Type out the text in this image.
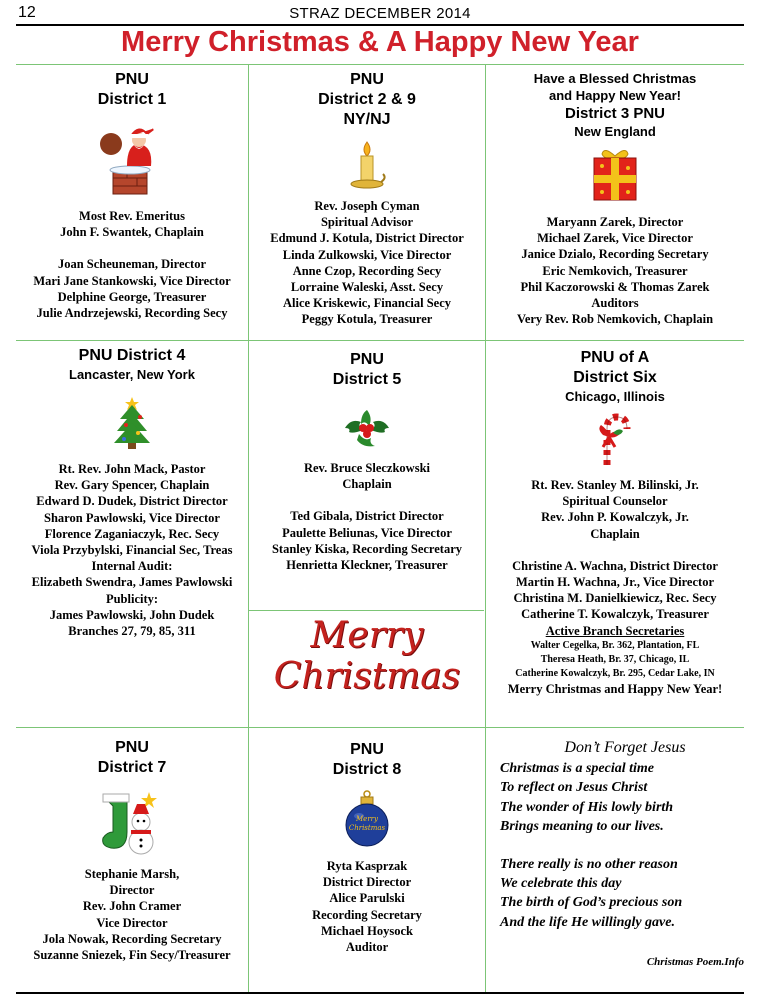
12	STRAZ DECEMBER 2014
Merry Christmas & A Happy New Year
PNU
District 1
Most Rev. Emeritus
John F. Swantek, Chaplain
Joan Scheuneman, Director
Mari Jane Stankowski, Vice Director
Delphine George, Treasurer
Julie Andrzejewski, Recording Secy
PNU
District 2 & 9
NY/NJ
Rev. Joseph Cyman
Spiritual Advisor
Edmund J. Kotula, District Director
Linda Zulkowski, Vice Director
Anne Czop, Recording Secy
Lorraine Waleski, Asst. Secy
Alice Kriskewic, Financial Secy
Peggy Kotula, Treasurer
Have a Blessed Christmas
and Happy New Year!
District 3 PNU
New England
Maryann Zarek, Director
Michael Zarek, Vice Director
Janice Dzialo, Recording Secretary
Eric Nemkovich, Treasurer
Phil Kaczorowski & Thomas Zarek
Auditors
Very Rev. Rob Nemkovich, Chaplain
PNU District 4
Lancaster, New York
Rt. Rev. John Mack, Pastor
Rev. Gary Spencer, Chaplain
Edward D. Dudek, District Director
Sharon Pawlowski, Vice Director
Florence Zaganiaczyk, Rec. Secy
Viola Przybylski, Financial Sec, Treas
Internal Audit:
Elizabeth Swendra, James Pawlowski
Publicity:
James Pawlowski, John Dudek
Branches 27, 79, 85, 311
PNU
District 5
Rev. Bruce Sleczkowski
Chaplain
Ted Gibala, District Director
Paulette Beliunas, Vice Director
Stanley Kiska, Recording Secretary
Henrietta Kleckner, Treasurer
Merry
Christmas
PNU of A
District Six
Chicago, Illinois
Rt. Rev. Stanley M. Bilinski, Jr.
Spiritual Counselor
Rev. John P. Kowalczyk, Jr.
Chaplain
Christine A. Wachna, District Director
Martin H. Wachna, Jr., Vice Director
Christina M. Danielkiewicz, Rec. Secy
Catherine T. Kowalczyk, Treasurer
Active Branch Secretaries
Walter Cegelka, Br. 362, Plantation, FL
Theresa Heath, Br. 37, Chicago, IL
Catherine Kowalczyk, Br. 295, Cedar Lake, IN
Merry Christmas and Happy New Year!
PNU
District 7
Stephanie Marsh,
Director
Rev. John Cramer
Vice Director
Jola Nowak, Recording Secretary
Suzanne Sniezek, Fin Secy/Treasurer
PNU
District 8
Merry
Christmas
Ryta Kasprzak
District Director
Alice Parulski
Recording Secretary
Michael Hoysock
Auditor
Don’t Forget Jesus
Christmas is a special time
To reflect on Jesus Christ
The wonder of His lowly birth
Brings meaning to our lives.
There really is no other reason
We celebrate this day
The birth of God’s precious son
And the life He willingly gave.
Christmas Poem.Info
